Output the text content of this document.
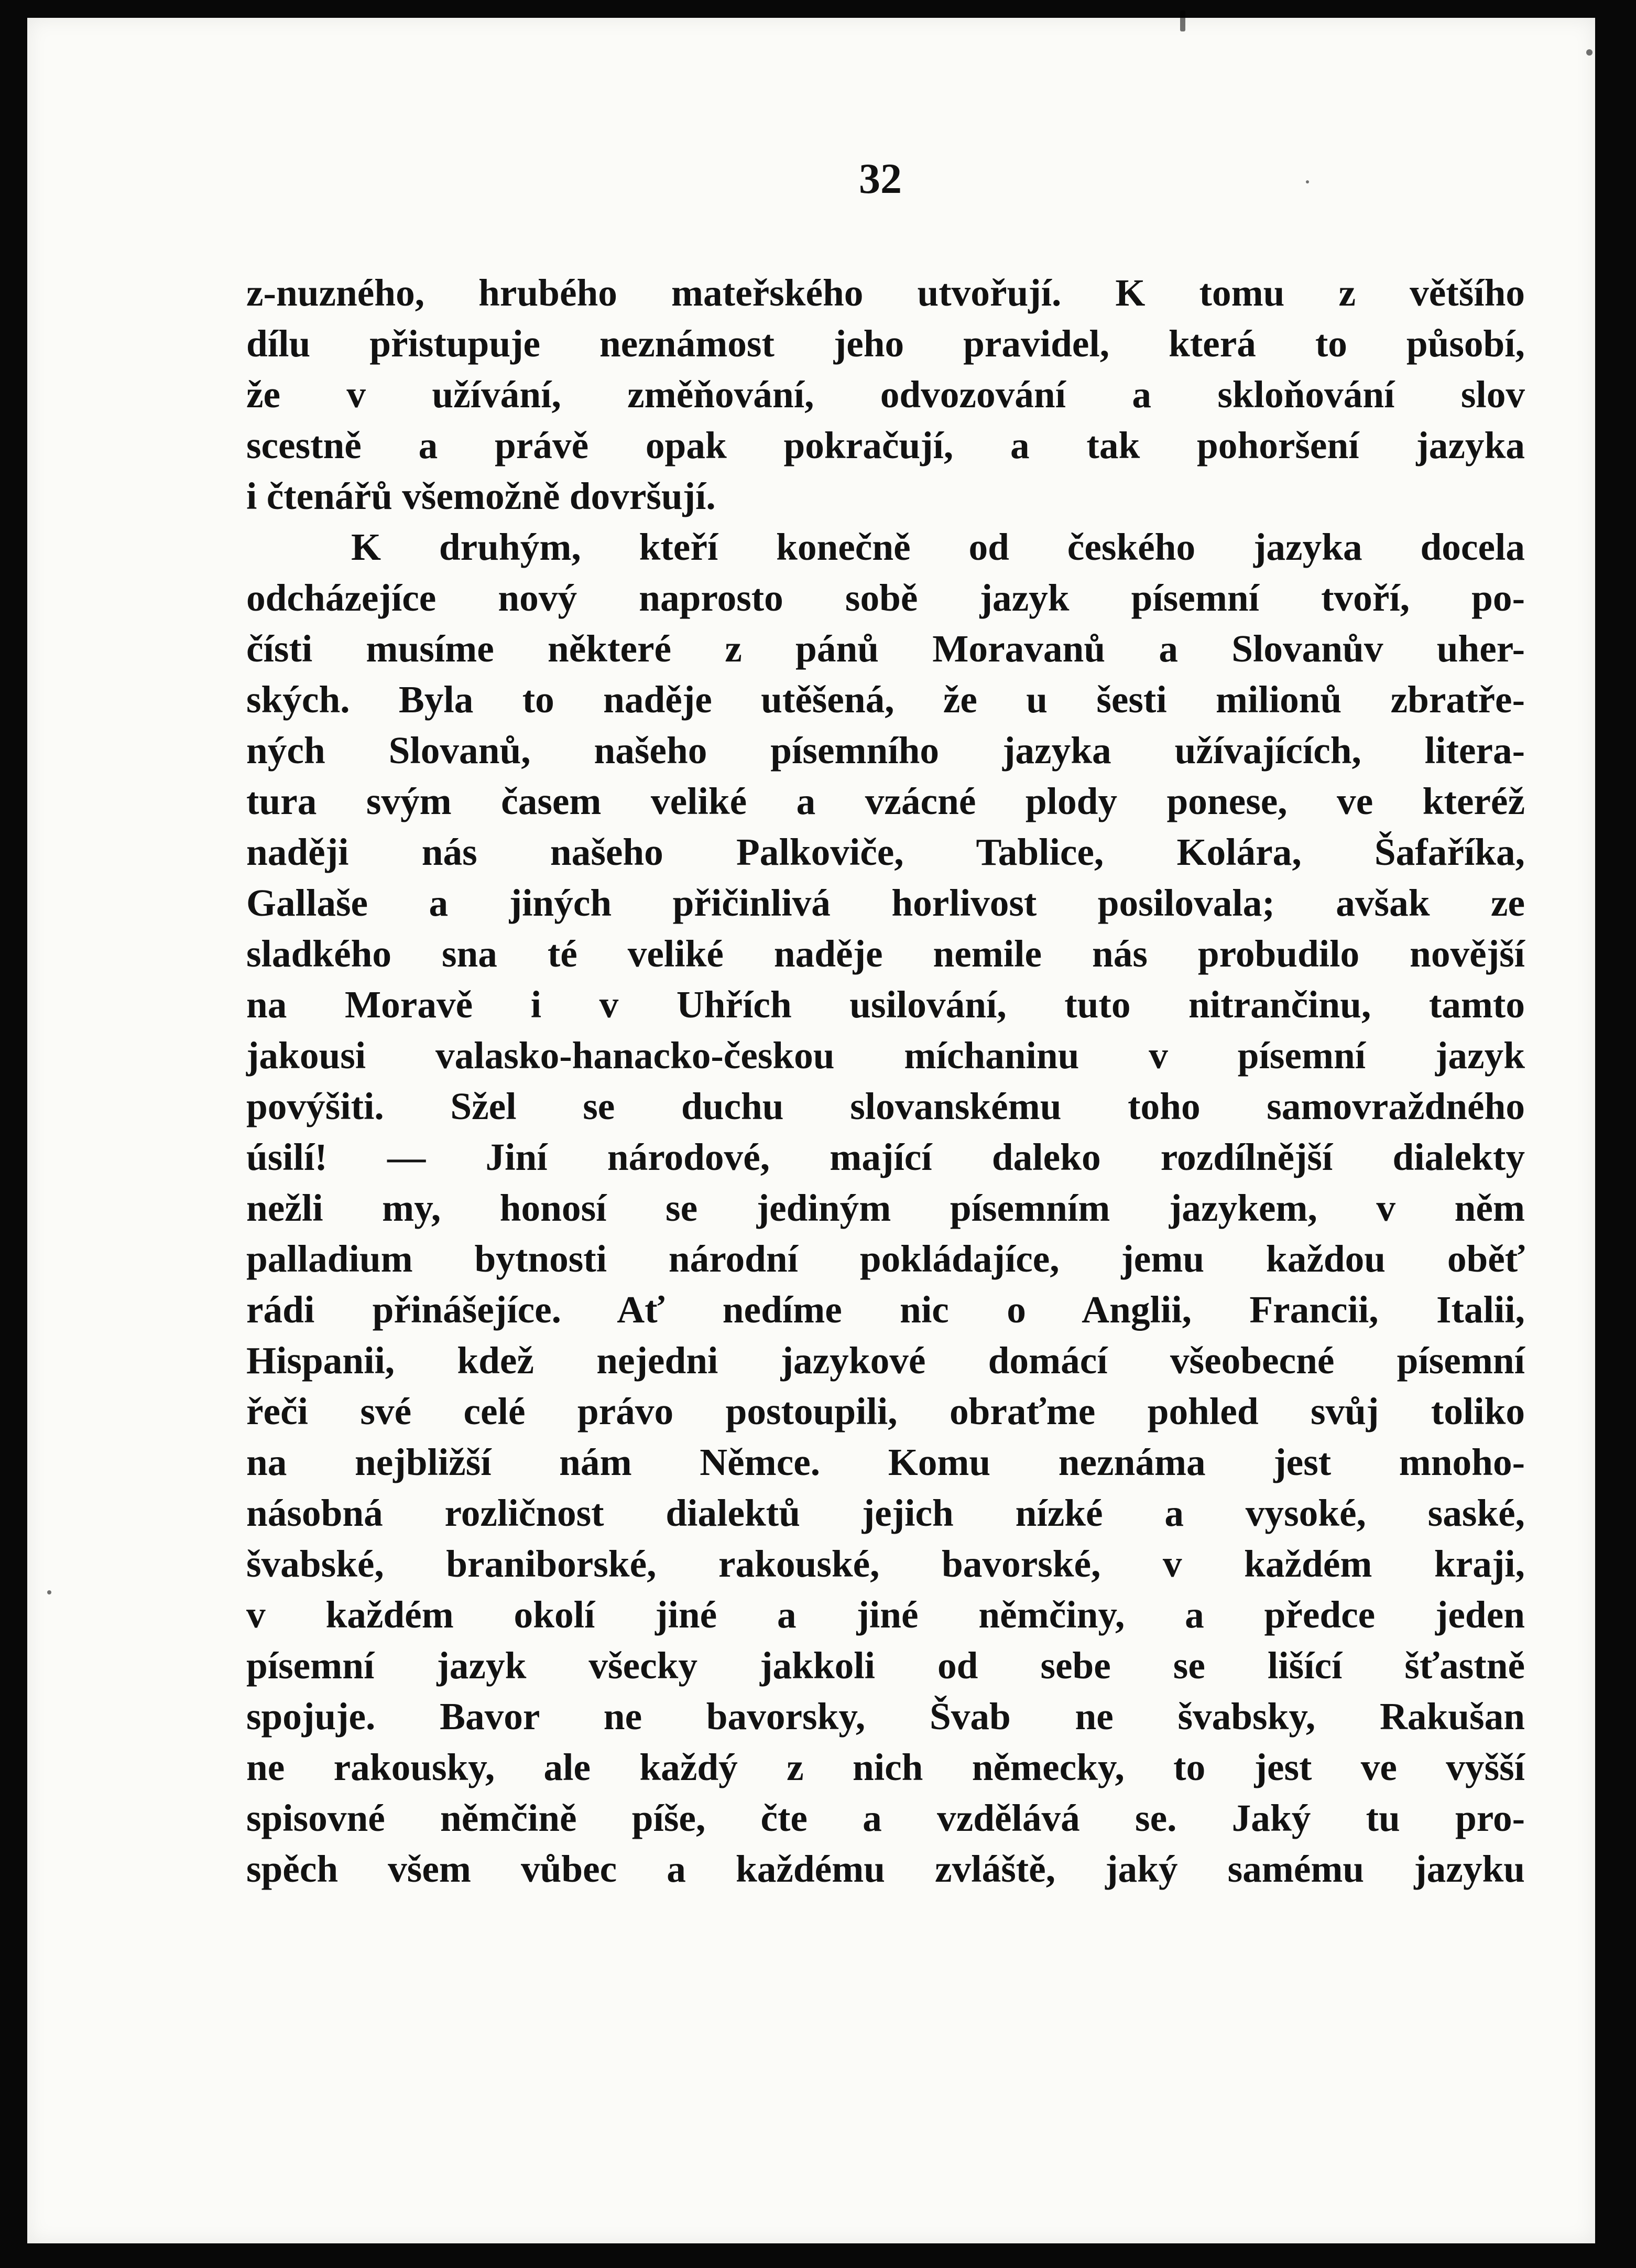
32
z-nuzného, hrubého mateřského utvořují. K tomu z většího
dílu přistupuje neznámost jeho pravidel, která to působí,
že v užívání, změňování, odvozování a skloňování slov
scestně a právě opak pokračují, a tak pohoršení jazyka
i čtenářů všemožně dovršují.
K druhým, kteří konečně od českého jazyka docela
odcházejíce nový naprosto sobě jazyk písemní tvoří, po-
čísti musíme některé z pánů Moravanů a Slovanův uher-
ských. Byla to naděje utěšená, že u šesti milionů zbratře-
ných Slovanů, našeho písemního jazyka užívajících, litera-
tura svým časem veliké a vzácné plody ponese, ve kteréž
naději nás našeho Palkoviče, Tablice, Kolára, Šafaříka,
Gallaše a jiných přičinlivá horlivost posilovala; avšak ze
sladkého sna té veliké naděje nemile nás probudilo novější
na Moravě i v Uhřích usilování, tuto nitrančinu, tamto
jakousi valasko-hanacko-českou míchaninu v písemní jazyk
povýšiti. Sžel se duchu slovanskému toho samovraždného
úsilí! — Jiní národové, mající daleko rozdílnější dialekty
nežli my, honosí se jediným písemním jazykem, v něm
palladium bytnosti národní pokládajíce, jemu každou oběť
rádi přinášejíce. Ať nedíme nic o Anglii, Francii, Italii,
Hispanii, kdež nejedni jazykové domácí všeobecné písemní
řeči své celé právo postoupili, obraťme pohled svůj toliko
na nejbližší nám Němce. Komu neznáma jest mnoho-
násobná rozličnost dialektů jejich nízké a vysoké, saské,
švabské, braniborské, rakouské, bavorské, v každém kraji,
v každém okolí jiné a jiné němčiny, a předce jeden
písemní jazyk všecky jakkoli od sebe se lišící šťastně
spojuje. Bavor ne bavorsky, Švab ne švabsky, Rakušan
ne rakousky, ale každý z nich německy, to jest ve vyšší
spisovné němčině píše, čte a vzdělává se. Jaký tu pro-
spěch všem vůbec a každému zvláště, jaký samému jazyku
